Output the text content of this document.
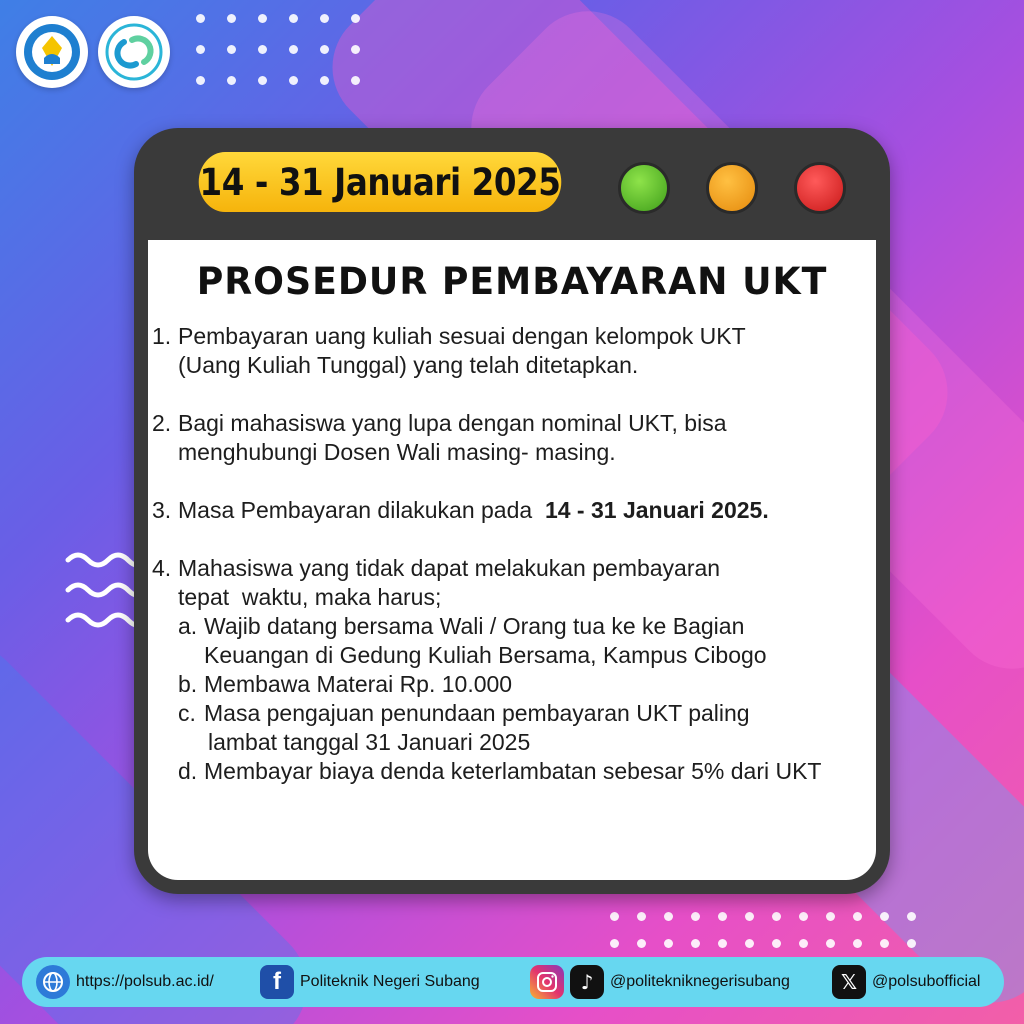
14 - 31 Januari 2025
PROSEDUR PEMBAYARAN UKT
1. Pembayaran uang kuliah sesuai dengan kelompok UKT
(Uang Kuliah Tunggal) yang telah ditetapkan.
2. Bagi mahasiswa yang lupa dengan nominal UKT, bisa
menghubungi Dosen Wali masing- masing.
3. Masa Pembayaran dilakukan pada  14 - 31 Januari 2025.
4. Mahasiswa yang tidak dapat melakukan pembayaran
tepat  waktu, maka harus;
a. Wajib datang bersama Wali / Orang tua ke ke Bagian
Keuangan di Gedung Kuliah Bersama, Kampus Cibogo
b. Membawa Materai Rp. 10.000
c. Masa pengajuan penundaan pembayaran UKT paling
lambat tanggal 31 Januari 2025
d. Membayar biaya denda keterlambatan sebesar 5% dari UKT
https://polsub.ac.id/ f Politeknik Negeri Subang	♪ @politekniknegerisubang	𝕏 @polsubofficial
